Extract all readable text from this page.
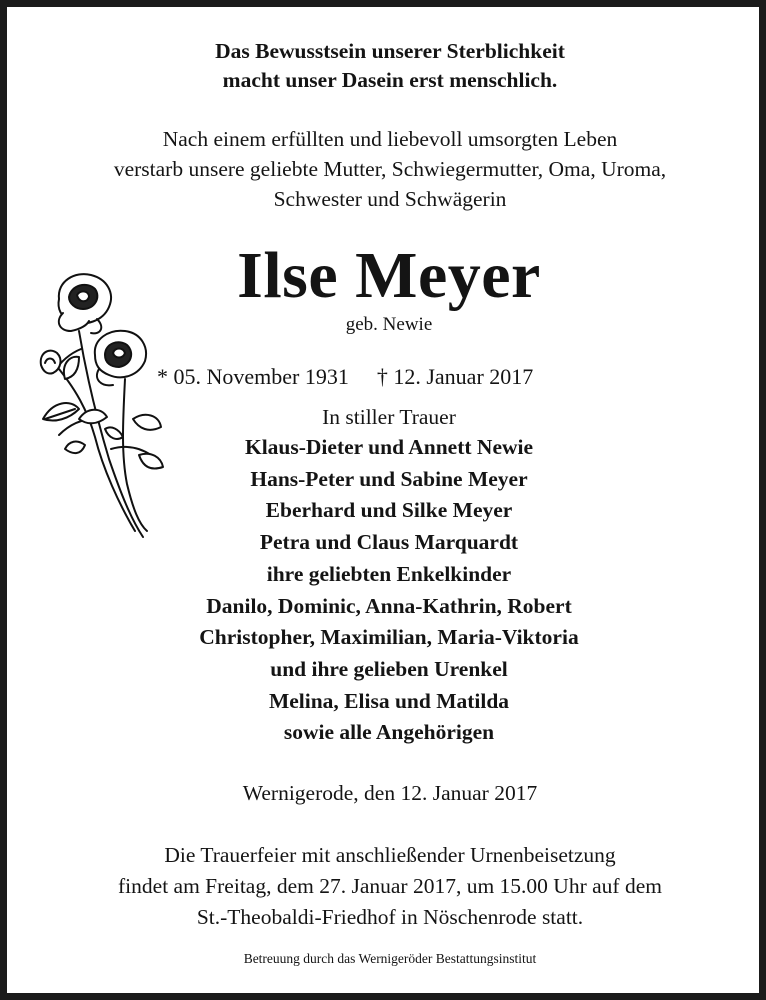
Das Bewusstsein unserer Sterblichkeit
macht unser Dasein erst menschlich.
Nach einem erfüllten und liebevoll umsorgten Leben
verstarb unsere geliebte Mutter, Schwiegermutter, Oma, Uroma,
Schwester und Schwägerin
Ilse Meyer
geb. Newie
* 05. November 1931 † 12. Januar 2017
In stiller Trauer
Klaus-Dieter und Annett Newie
Hans-Peter und Sabine Meyer
Eberhard und Silke Meyer
Petra und Claus Marquardt
ihre geliebten Enkelkinder
Danilo, Dominic, Anna-Kathrin, Robert
Christopher, Maximilian, Maria-Viktoria
und ihre gelieben Urenkel
Melina, Elisa und Matilda
sowie alle Angehörigen
Wernigerode, den 12. Januar 2017
Die Trauerfeier mit anschließender Urnenbeisetzung
findet am Freitag, dem 27. Januar 2017, um 15.00 Uhr auf dem
St.-Theobaldi-Friedhof in Nöschenrode statt.
Betreuung durch das Wernigeröder Bestattungsinstitut
